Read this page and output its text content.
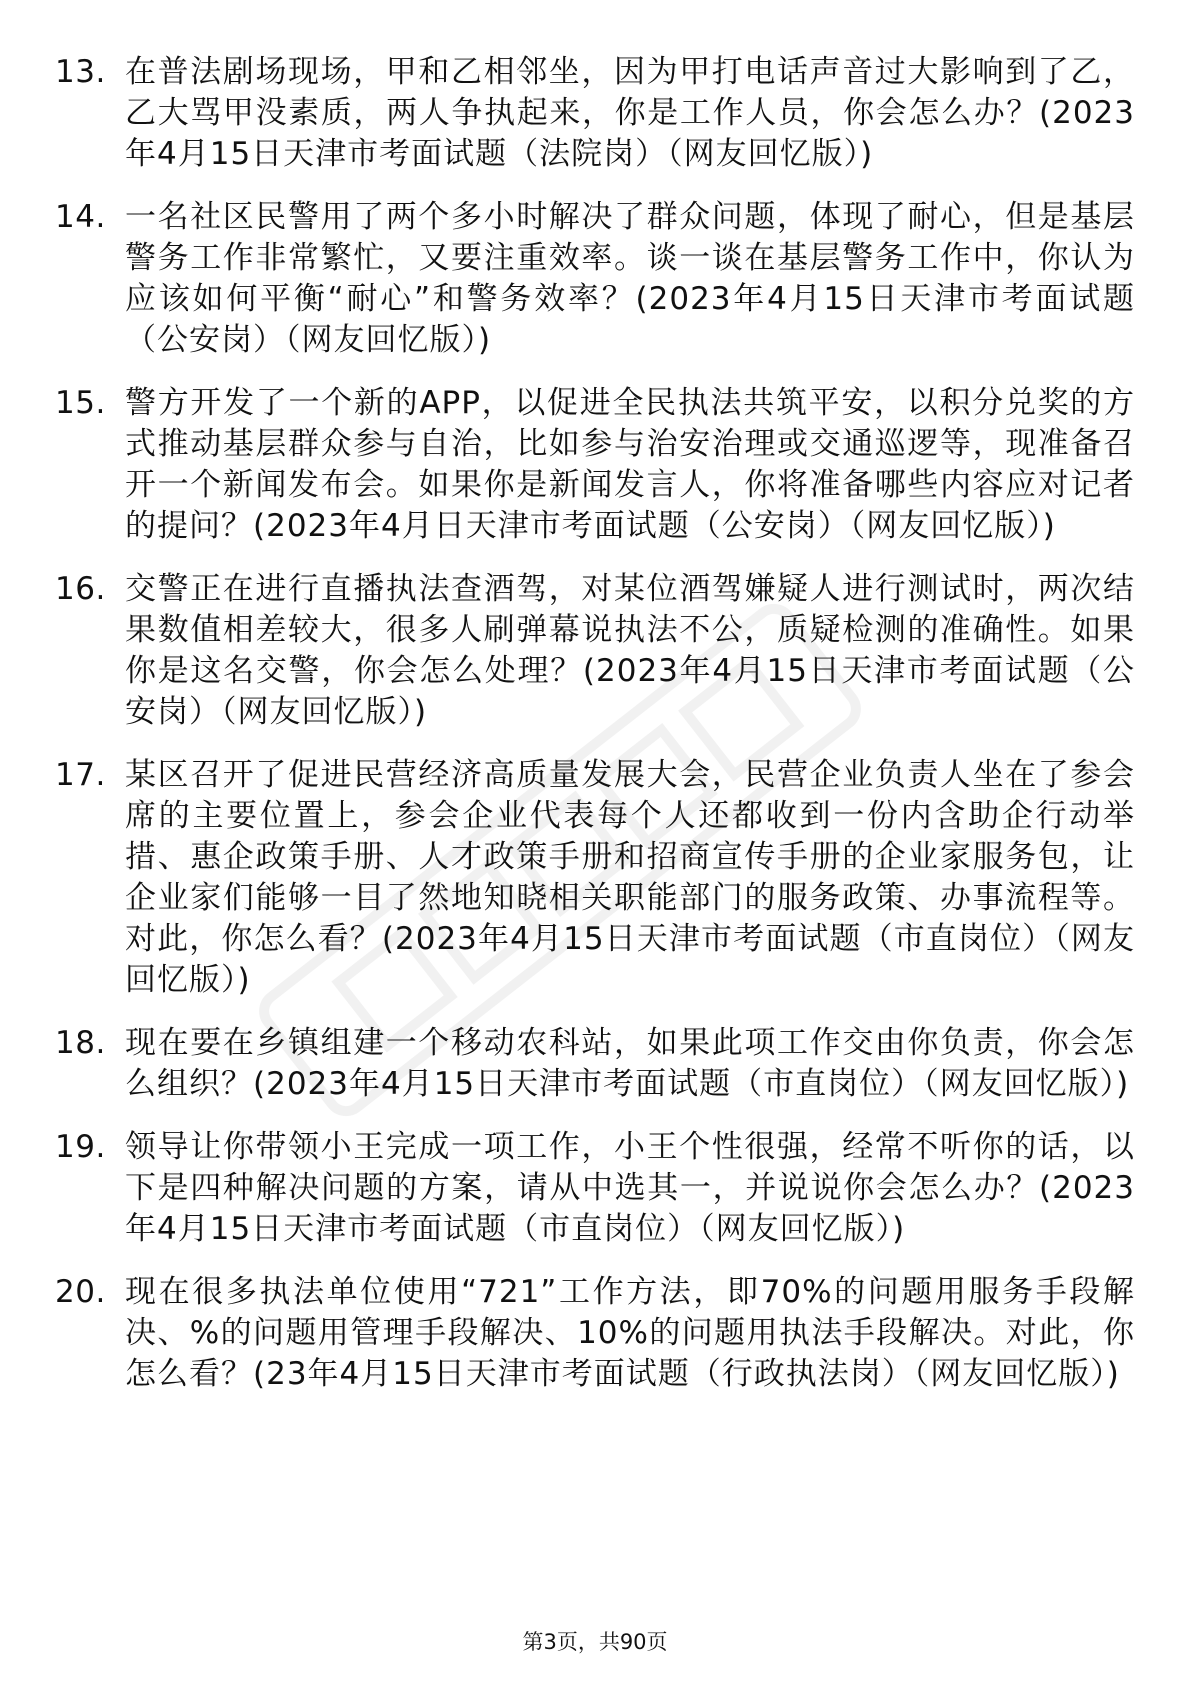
13. 在普法剧场现场，甲和乙相邻坐，因为甲打电话声音过大影响到了乙，乙大骂甲没素质，两人争执起来，你是工作人员，你会怎么办？(2023年4月15日天津市考面试题（法院岗）（网友回忆版）)
14. 一名社区民警用了两个多小时解决了群众问题，体现了耐心，但是基层警务工作非常繁忙，又要注重效率。谈一谈在基层警务工作中，你认为应该如何平衡“耐心”和警务效率？(2023年4月15日天津市考面试题（公安岗）（网友回忆版）)
15. 警方开发了一个新的APP，以促进全民执法共筑平安，以积分兑奖的方式推动基层群众参与自治，比如参与治安治理或交通巡逻等，现准备召开一个新闻发布会。如果你是新闻发言人，你将准备哪些内容应对记者的提问？(2023年4月日天津市考面试题（公安岗）（网友回忆版）)
16. 交警正在进行直播执法查酒驾，对某位酒驾嫌疑人进行测试时，两次结果数值相差较大，很多人刷弹幕说执法不公，质疑检测的准确性。如果你是这名交警，你会怎么处理？(2023年4月15日天津市考面试题（公安岗）（网友回忆版）)
17. 某区召开了促进民营经济高质量发展大会，民营企业负责人坐在了参会席的主要位置上，参会企业代表每个人还都收到一份内含助企行动举措、惠企政策手册、人才政策手册和招商宣传手册的企业家服务包，让企业家们能够一目了然地知晓相关职能部门的服务政策、办事流程等。对此，你怎么看？(2023年4月15日天津市考面试题（市直岗位）（网友回忆版）)
18. 现在要在乡镇组建一个移动农科站，如果此项工作交由你负责，你会怎么组织？(2023年4月15日天津市考面试题（市直岗位）（网友回忆版）)
19. 领导让你带领小王完成一项工作，小王个性很强，经常不听你的话，以下是四种解决问题的方案，请从中选其一，并说说你会怎么办？(2023年4月15日天津市考面试题（市直岗位）（网友回忆版）)
20. 现在很多执法单位使用“721”工作方法，即70%的问题用服务手段解决、%的问题用管理手段解决、10%的问题用执法手段解决。对此，你怎么看？(23年4月15日天津市考面试题（行政执法岗）（网友回忆版）)
第3页，共90页
